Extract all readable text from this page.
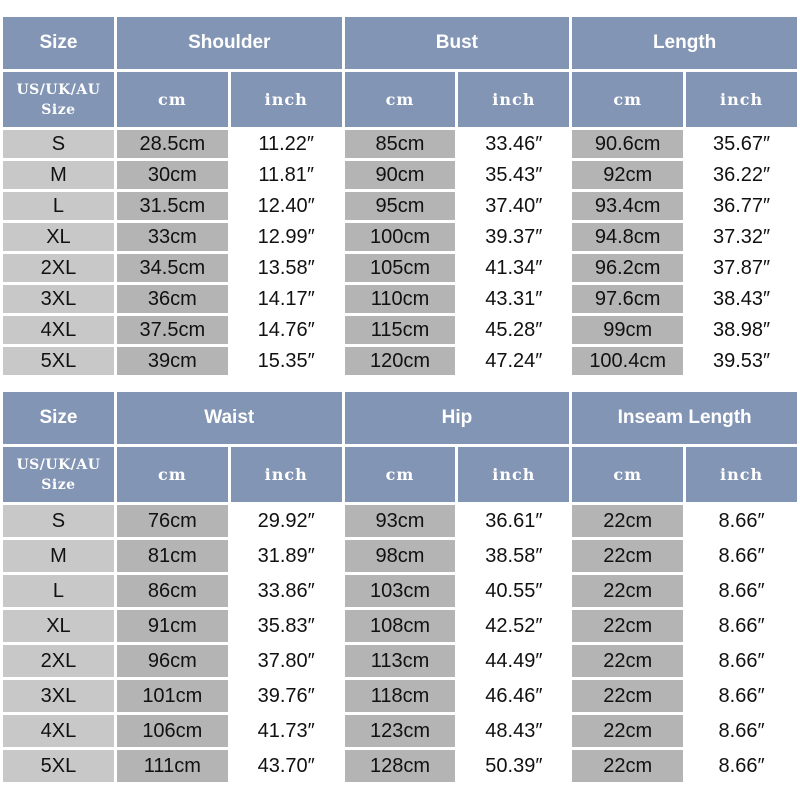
Size	Shoulder		Bust		Length	
US/UK/AU
Size	cm	inch	cm	inch	cm	inch
S	28.5cm	11.22″	85cm	33.46″	90.6cm	35.67″
M	30cm	11.81″	90cm	35.43″	92cm	36.22″
L	31.5cm	12.40″	95cm	37.40″	93.4cm	36.77″
XL	33cm	12.99″	100cm	39.37″	94.8cm	37.32″
2XL	34.5cm	13.58″	105cm	41.34″	96.2cm	37.87″
3XL	36cm	14.17″	110cm	43.31″	97.6cm	38.43″
4XL	37.5cm	14.76″	115cm	45.28″	99cm	38.98″
5XL	39cm	15.35″	120cm	47.24″	100.4cm	39.53″
Size	Waist		Hip		Inseam Length	
US/UK/AU
Size	cm	inch	cm	inch	cm	inch
S	76cm	29.92″	93cm	36.61″	22cm	8.66″
M	81cm	31.89″	98cm	38.58″	22cm	8.66″
L	86cm	33.86″	103cm	40.55″	22cm	8.66″
XL	91cm	35.83″	108cm	42.52″	22cm	8.66″
2XL	96cm	37.80″	113cm	44.49″	22cm	8.66″
3XL	101cm	39.76″	118cm	46.46″	22cm	8.66″
4XL	106cm	41.73″	123cm	48.43″	22cm	8.66″
5XL	111cm	43.70″	128cm	50.39″	22cm	8.66″
